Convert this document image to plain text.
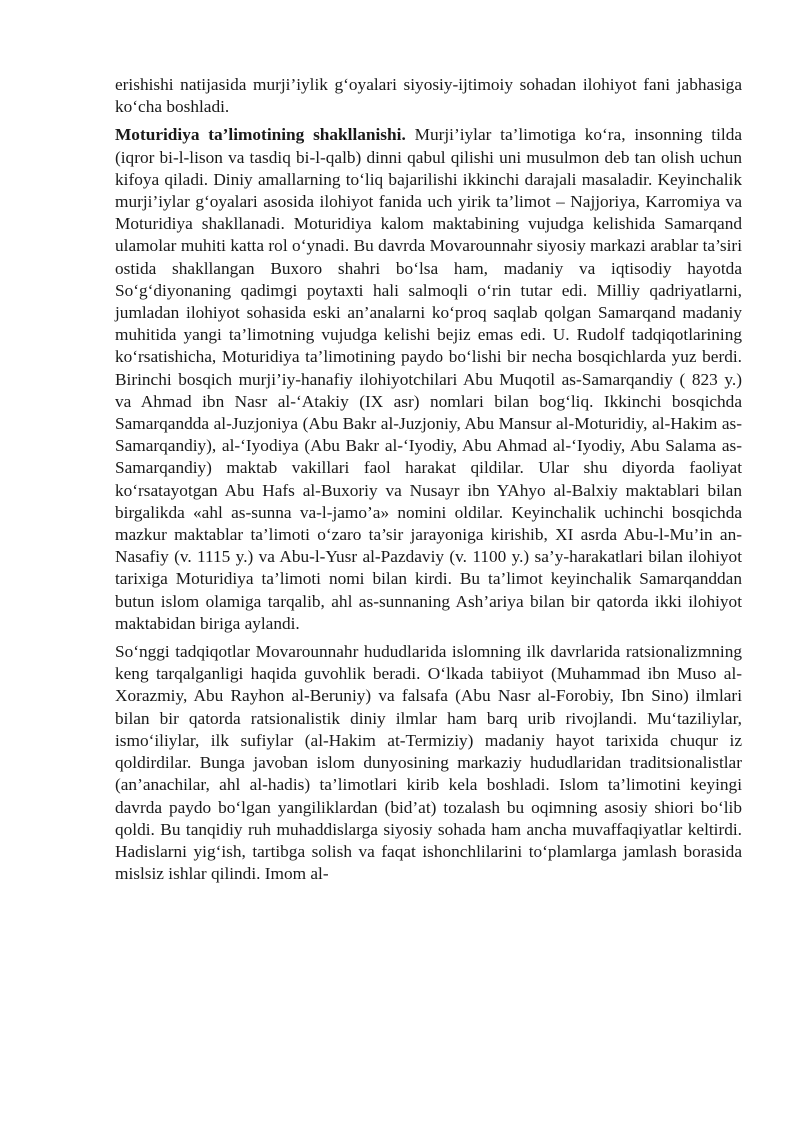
erishishi natijasida murji’iylik g‘oyalari siyosiy-ijtimoiy sohadan ilohiyot fani jabhasiga ko‘cha boshladi.

Moturidiya ta’limotining shakllanishi. Murji’iylar ta’limotiga ko‘ra, insonning tilda (iqror bi-l-lison va tasdiq bi-l-qalb) dinni qabul qilishi uni musulmon deb tan olish uchun kifoya qiladi. Diniy amallarning to‘liq bajarilishi ikkinchi darajali masaladir. Keyinchalik murji’iylar g‘oyalari asosida ilohiyot fanida uch yirik ta’limot – Najjoriya, Karromiya va Moturidiya shakllanadi. Moturidiya kalom maktabining vujudga kelishida Samarqand ulamolar muhiti katta rol o‘ynadi. Bu davrda Movarounnahr siyosiy markazi arablar ta’siri ostida shakllangan Buxoro shahri bo‘lsa ham, madaniy va iqtisodiy hayotda So‘g‘diyonaning qadimgi poytaxti hali salmoqli o‘rin tutar edi. Milliy qadriyatlarni, jumladan ilohiyot sohasida eski an’analarni ko‘proq saqlab qolgan Samarqand madaniy muhitida yangi ta’limotning vujudga kelishi bejiz emas edi. U. Rudolf tadqiqotlarining ko‘rsatishicha, Moturidiya ta’limotining paydo bo‘lishi bir necha bosqichlarda yuz berdi. Birinchi bosqich murji’iy-hanafiy ilohiyotchilari Abu Muqotil as-Samarqandiy ( 823 y.) va Ahmad ibn Nasr al-‘Atakiy (IX asr) nomlari bilan bog‘liq. Ikkinchi bosqichda Samarqandda al-Juzjoniya (Abu Bakr al-Juzjoniy, Abu Mansur al-Moturidiy, al-Hakim as-Samarqandiy), al-‘Iyodiya (Abu Bakr al-‘Iyodiy, Abu Ahmad al-‘Iyodiy, Abu Salama as-Samarqandiy) maktab vakillari faol harakat qildilar. Ular shu diyorda faoliyat ko‘rsatayotgan Abu Hafs al-Buxoriy va Nusayr ibn YAhyo al-Balxiy maktablari bilan birgalikda «ahl as-sunna va-l-jamo’a» nomini oldilar. Keyinchalik uchinchi bosqichda mazkur maktablar ta’limoti o‘zaro ta’sir jarayoniga kirishib, XI asrda Abu-l-Mu’in an-Nasafiy (v. 1115 y.) va Abu-l-Yusr al-Pazdaviy (v. 1100 y.) sa’y-harakatlari bilan ilohiyot tarixiga Moturidiya ta’limoti nomi bilan kirdi. Bu ta’limot keyinchalik Samarqanddan butun islom olamiga tarqalib, ahl as-sunnaning Ash’ariya bilan bir qatorda ikki ilohiyot maktabidan biriga aylandi.

So‘nggi tadqiqotlar Movarounnahr hududlarida islomning ilk davrlarida ratsionalizmning keng tarqalganligi haqida guvohlik beradi. O‘lkada tabiiyot (Muhammad ibn Muso al-Xorazmiy, Abu Rayhon al-Beruniy) va falsafa (Abu Nasr al-Forobiy, Ibn Sino) ilmlari bilan bir qatorda ratsionalistik diniy ilmlar ham barq urib rivojlandi. Mu‘taziliylar, ismo‘iliylar, ilk sufiylar (al-Hakim at-Termiziy) madaniy hayot tarixida chuqur iz qoldirdilar. Bunga javoban islom dunyosining markaziy hududlaridan traditsionalistlar (an’anachilar, ahl al-hadis) ta’limotlari kirib kela boshladi. Islom ta’limotini keyingi davrda paydo bo‘lgan yangiliklardan (bid’at) tozalash bu oqimning asosiy shiori bo‘lib qoldi. Bu tanqidiy ruh muhaddislarga siyosiy sohada ham ancha muvaffaqiyatlar keltirdi. Hadislarni yig‘ish, tartibga solish va faqat ishonchlilarini to‘plamlarga jamlash borasida mislsiz ishlar qilindi. Imom al-
